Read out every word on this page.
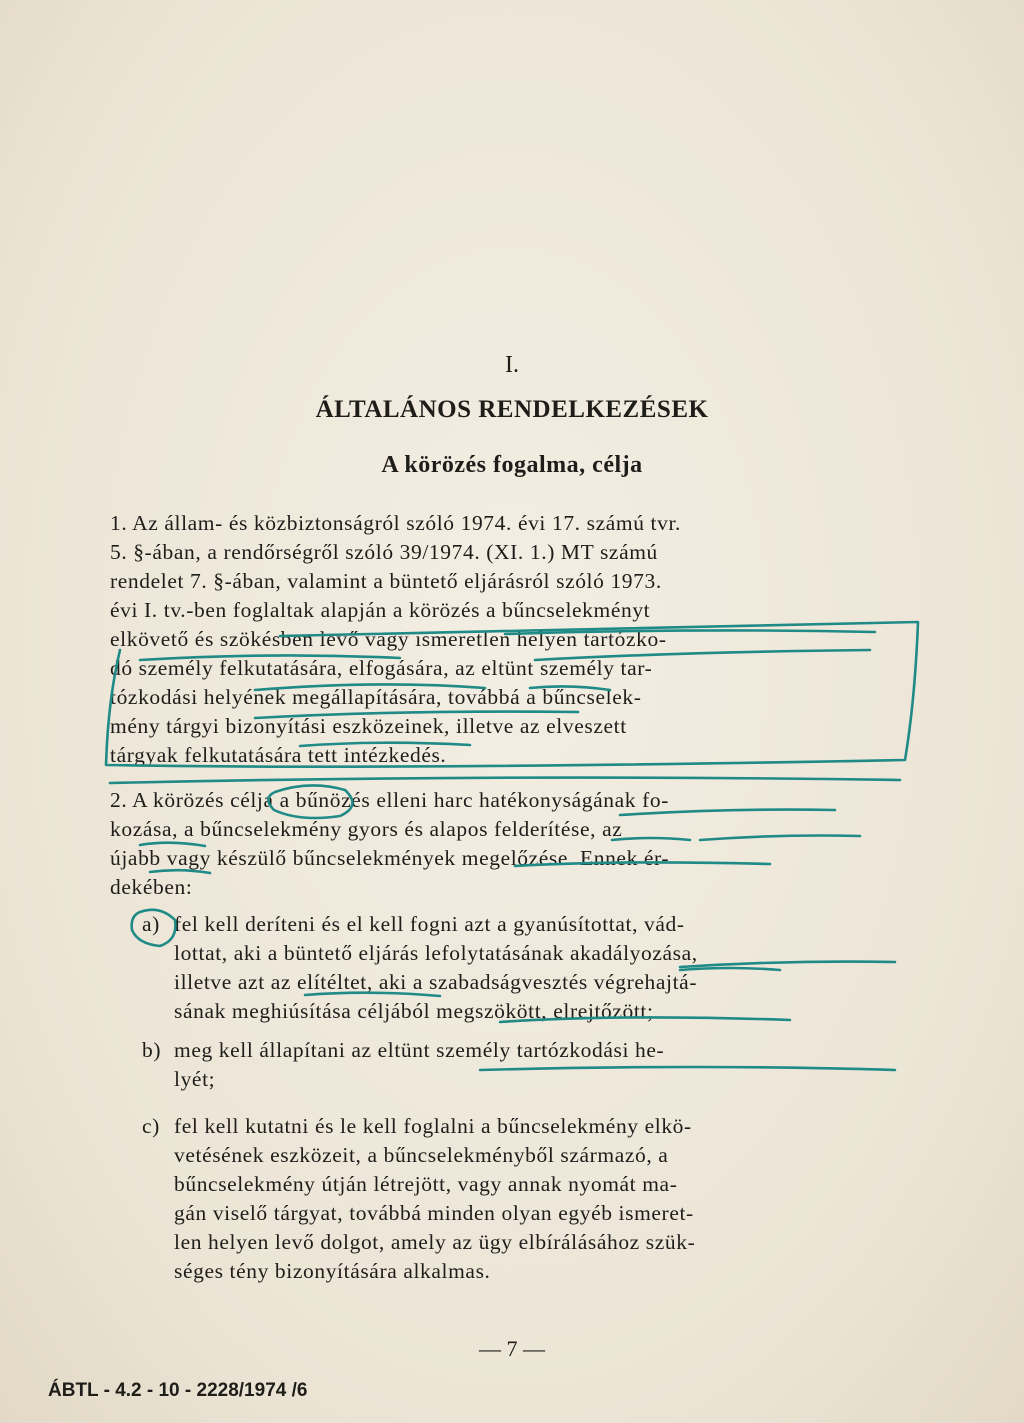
I.
ÁLTALÁNOS RENDELKEZÉSEK
A körözés fogalma, célja
1. Az állam- és közbiztonságról szóló 1974. évi 17. számú tvr.
5. §-ában, a rendőrségről szóló 39/1974. (XI. 1.) MT számú
rendelet 7. §-ában, valamint a büntető eljárásról szóló 1973.
évi I. tv.-ben foglaltak alapján a körözés a bűncselekményt
elkövető és szökésben levő vagy ismeretlen helyen tartózko-
dó személy felkutatására, elfogására, az eltünt személy tar-
tózkodási helyének megállapítására, továbbá a bűncselek-
mény tárgyi bizonyítási eszközeinek, illetve az elveszett
tárgyak felkutatására tett intézkedés.
2. A körözés célja a bűnözés elleni harc hatékonyságának fo-
kozása, a bűncselekmény gyors és alapos felderítése, az
újabb vagy készülő bűncselekmények megelőzése. Ennek ér-
dekében:
a) fel kell deríteni és el kell fogni azt a gyanúsítottat, vád-
lottat, aki a büntető eljárás lefolytatásának akadályozása,
illetve azt az elítéltet, aki a szabadságvesztés végrehajtá-
sának meghiúsítása céljából megszökött, elrejtőzött;
b) meg kell állapítani az eltünt személy tartózkodási he-
lyét;
c) fel kell kutatni és le kell foglalni a bűncselekmény elkö-
vetésének eszközeit, a bűncselekményből származó, a
bűncselekmény útján létrejött, vagy annak nyomát ma-
gán viselő tárgyat, továbbá minden olyan egyéb ismeret-
len helyen levő dolgot, amely az ügy elbírálásához szük-
séges tény bizonyítására alkalmas.
— 7 —
ÁBTL - 4.2 - 10 - 2228/1974 /6
